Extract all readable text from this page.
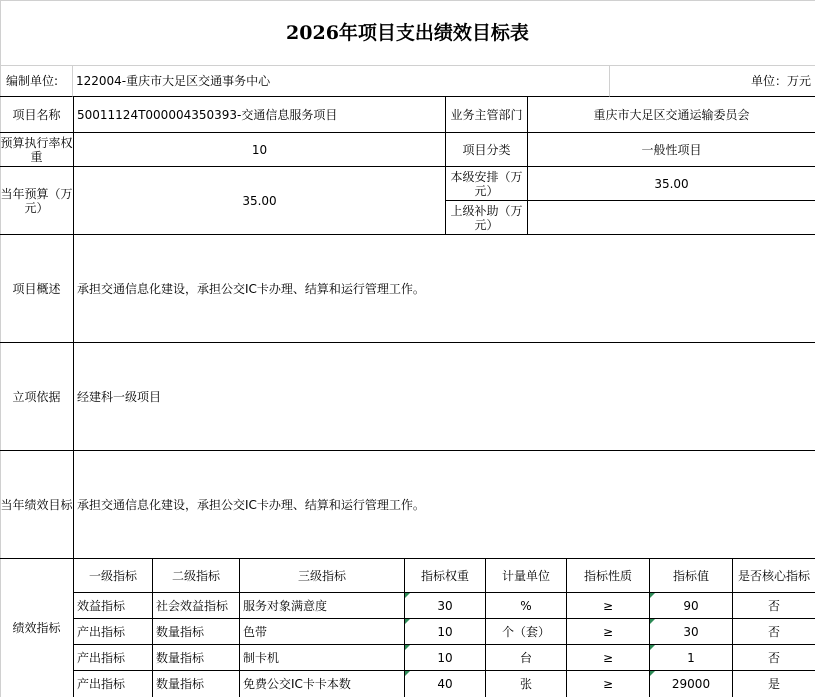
2026年项目支出绩效目标表
编制单位:	122004-重庆市大足区交通事务中心	单位：万元
项目名称	50011124T000004350393-交通信息服务项目	业务主管部门	重庆市大足区交通运输委员会
预算执行率权重	10	项目分类	一般性项目
当年预算（万元）	35.00
本级安排（万元）	35.00
上级补助（万元）
项目概述	承担交通信息化建设，承担公交IC卡办理、结算和运行管理工作。
立项依据	经建科一级项目
当年绩效目标 承担交通信息化建设，承担公交IC卡办理、结算和运行管理工作。
绩效指标
一级指标	二级指标	三级指标	指标权重	计量单位	指标性质	指标值	是否核心指标
效益指标	社会效益指标	服务对象满意度	30	%	≥	90	否
产出指标	数量指标	色带	10	个（套）	≥	30	否
产出指标	数量指标	制卡机	10	台	≥	1	否
产出指标	数量指标	免费公交IC卡卡本数	40	张	≥	29000	是
